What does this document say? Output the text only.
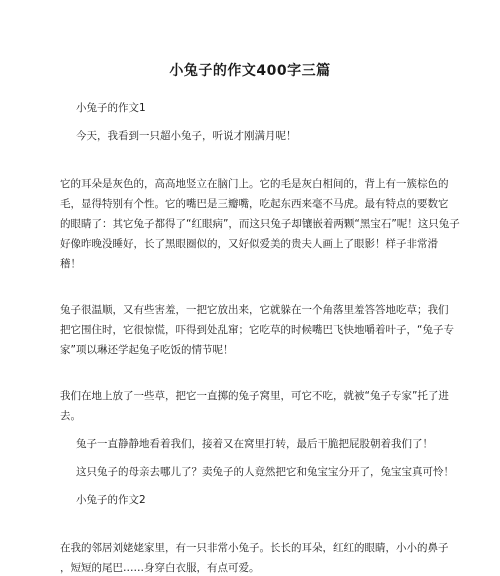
小兔子的作文400字三篇
小兔子的作文1
今天，我看到一只超小兔子，听说才刚满月呢！
它的耳朵是灰色的，高高地竖立在脑门上。它的毛是灰白相间的，背上有一簇棕色的
毛，显得特别有个性。它的嘴巴是三瓣嘴，吃起东西来毫不马虎。最有特点的要数它
的眼睛了：其它兔子都得了“红眼病”，而这只兔子却镶嵌着两颗“黑宝石”呢！这只兔子
好像昨晚没睡好，长了黑眼圈似的，又好似爱美的贵夫人画上了眼影！样子非常滑
稽！
兔子很温顺，又有些害羞，一把它放出来，它就躲在一个角落里羞答答地吃草；我们
把它围住时，它很惊慌，吓得到处乱窜；它吃草的时候嘴巴飞快地嚼着叶子，“兔子专
家”项以琳还学起兔子吃饭的情节呢！
我们在地上放了一些草，把它一直掷的兔子窝里，可它不吃，就被“兔子专家”托了进
去。
兔子一直静静地看着我们，接着又在窝里打转，最后干脆把屁股朝着我们了！
这只兔子的母亲去哪儿了？卖兔子的人竟然把它和兔宝宝分开了，兔宝宝真可怜！
小兔子的作文2
在我的邻居刘姥姥家里，有一只非常小兔子。长长的耳朵，红红的眼睛，小小的鼻子
，短短的尾巴……身穿白衣服，有点可爱。
